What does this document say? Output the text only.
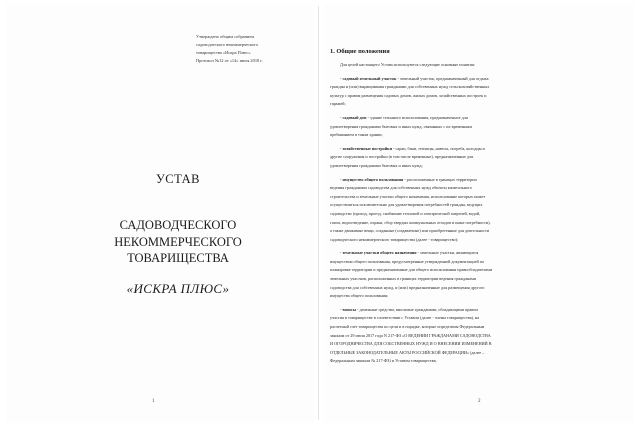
Утверждено общим собранием
садоводческого некоммерческого
товарищества «Искра Плюс».
Протокол №12 от «14» июля 2018 г.
УСТАВ
САДОВОДЧЕСКОГО
НЕКОММЕРЧЕСКОГО
ТОВАРИЩЕСТВА
«ИСКРА ПЛЮС»
1
1. Общие положения
Для целей настоящего Устава используются следующие основные понятия:
- садовый земельный участок - земельный участок, предназначенный для отдыха
граждан и (или) выращивания гражданами для собственных нужд сельскохозяйственных
культур с правом размещения садовых домов, жилых домов, хозяйственных построек и
гаражей;
- садовый дом - здание сезонного использования, предназначенное для
удовлетворения гражданами бытовых и иных нужд, связанных с их временным
пребыванием в таком здании;
- хозяйственные постройки - сараи, бани, теплицы, навесы, погреба, колодцы и
другие сооружения и постройки (в том числе временные), предназначенные для
удовлетворения гражданами бытовых и иных нужд;
- имущество общего пользования - расположенные в границах территории
ведения гражданами садоводства для собственных нужд объекты капитального
строительства и земельные участки общего назначения, использование которых может
осуществляться исключительно для удовлетворения потребностей граждан, ведущих
садоводство (проход, проезд, снабжение тепловой и электрической энергией, водой,
газом, водоотведение, охрана, сбор твердых коммунальных отходов и иные потребности),
а также движимые вещи, созданные (создаваемые) или приобретенные для деятельности
садоводческого некоммерческого товарищества (далее - товарищество);
- земельные участки общего назначения - земельные участки, являющиеся
имуществом общего пользования, предусмотренные утвержденной документацией по
планировке территории и предназначенные для общего использования правообладателями
земельных участков, расположенных в границах территории ведения гражданами
садоводства для собственных нужд, и (или) предназначенные для размещения другого
имущества общего пользования;
- взносы - денежные средства, вносимые гражданами, обладающими правом
участия в товариществе в соответствии с Уставом (далее - члены товарищества), на
расчетный счет товарищества по цели и в порядке, которые определены Федеральным
законом от 29 июля 2017 года N 217-ФЗ «О ВЕДЕНИИ ГРАЖДАНАМИ САДОВОДСТВА
И ОГОРОДНИЧЕСТВА ДЛЯ СОБСТВЕННЫХ НУЖД И О ВНЕСЕНИИ ИЗМЕНЕНИЙ В
ОТДЕЛЬНЫЕ ЗАКОНОДАТЕЛЬНЫЕ АКТЫ РОССИЙСКОЙ ФЕДЕРАЦИИ» (далее –
Федеральным законом № 217-ФЗ) и Уставом товарищества;
2
